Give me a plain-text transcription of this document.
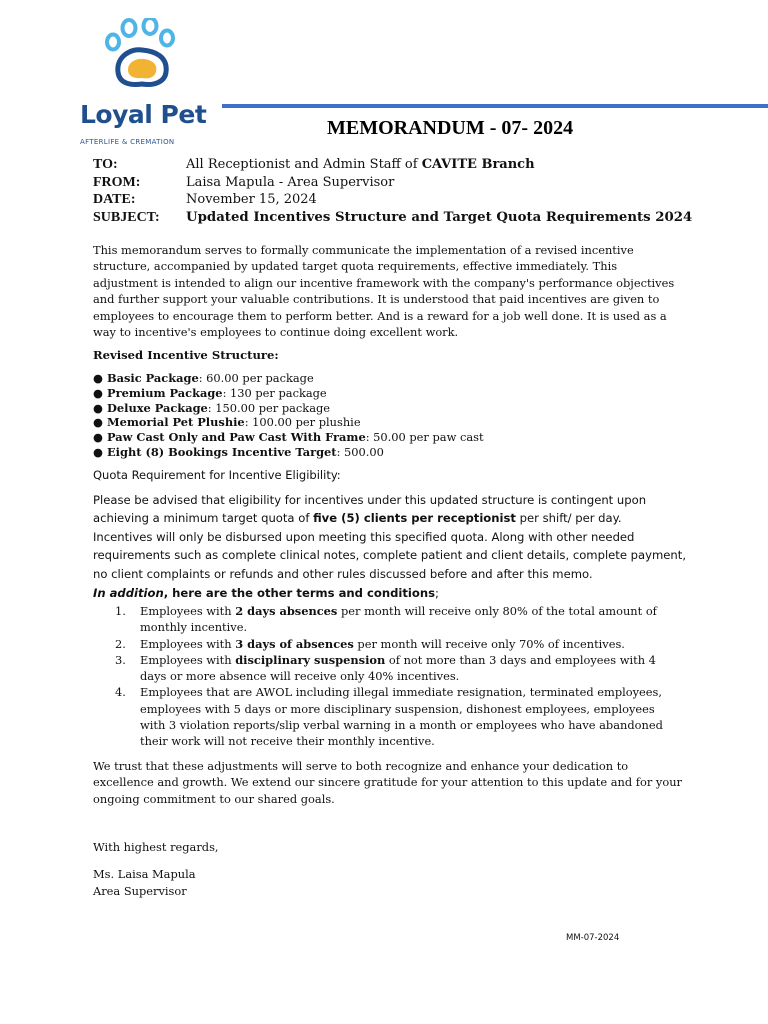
Loyal Pet
AFTERLIFE & CREMATION
MEMORANDUM - 07- 2024
TO:	All Receptionist and Admin Staff of CAVITE Branch
FROM:	Laisa Mapula - Area Supervisor
DATE:	November 15, 2024
SUBJECT:	Updated Incentives Structure and Target Quota Requirements 2024

This memorandum serves to formally communicate the implementation of a revised incentive structure, accompanied by updated target quota requirements, effective immediately. This adjustment is intended to align our incentive framework with the company's performance objectives and further support your valuable contributions. It is understood that paid incentives are given to employees to encourage them to perform better. And is a reward for a job well done. It is used as a way to incentive's employees to continue doing excellent work.

Revised Incentive Structure:
● Basic Package: 60.00 per package
● Premium Package: 130 per package
● Deluxe Package: 150.00 per package
● Memorial Pet Plushie: 100.00 per plushie
● Paw Cast Only and Paw Cast With Frame: 50.00 per paw cast
● Eight (8) Bookings Incentive Target: 500.00
Quota Requirement for Incentive Eligibility:

Please be advised that eligibility for incentives under this updated structure is contingent upon achieving a minimum target quota of five (5) clients per receptionist per shift/ per day.

Incentives will only be disbursed upon meeting this specified quota. Along with other needed requirements such as complete clinical notes, complete patient and client details, complete payment, no client complaints or refunds and other rules discussed before and after this memo.

In addition, here are the other terms and conditions;
1.	Employees with 2 days absences per month will receive only 80% of the total amount of monthly incentive.
2.	Employees with 3 days of absences per month will receive only 70% of incentives.
3.	Employees with disciplinary suspension of not more than 3 days and employees with 4 days or more absence will receive only 40% incentives.
4.	Employees that are AWOL including illegal immediate resignation, terminated employees, employees with 5 days or more disciplinary suspension, dishonest employees, employees with 3 violation reports/slip verbal warning in a month or employees who have abandoned their work will not receive their monthly incentive.

We trust that these adjustments will serve to both recognize and enhance your dedication to excellence and growth. We extend our sincere gratitude for your attention to this update and for your ongoing commitment to our shared goals.

With highest regards,
Ms. Laisa Mapula
Area Supervisor
MM-07-2024
